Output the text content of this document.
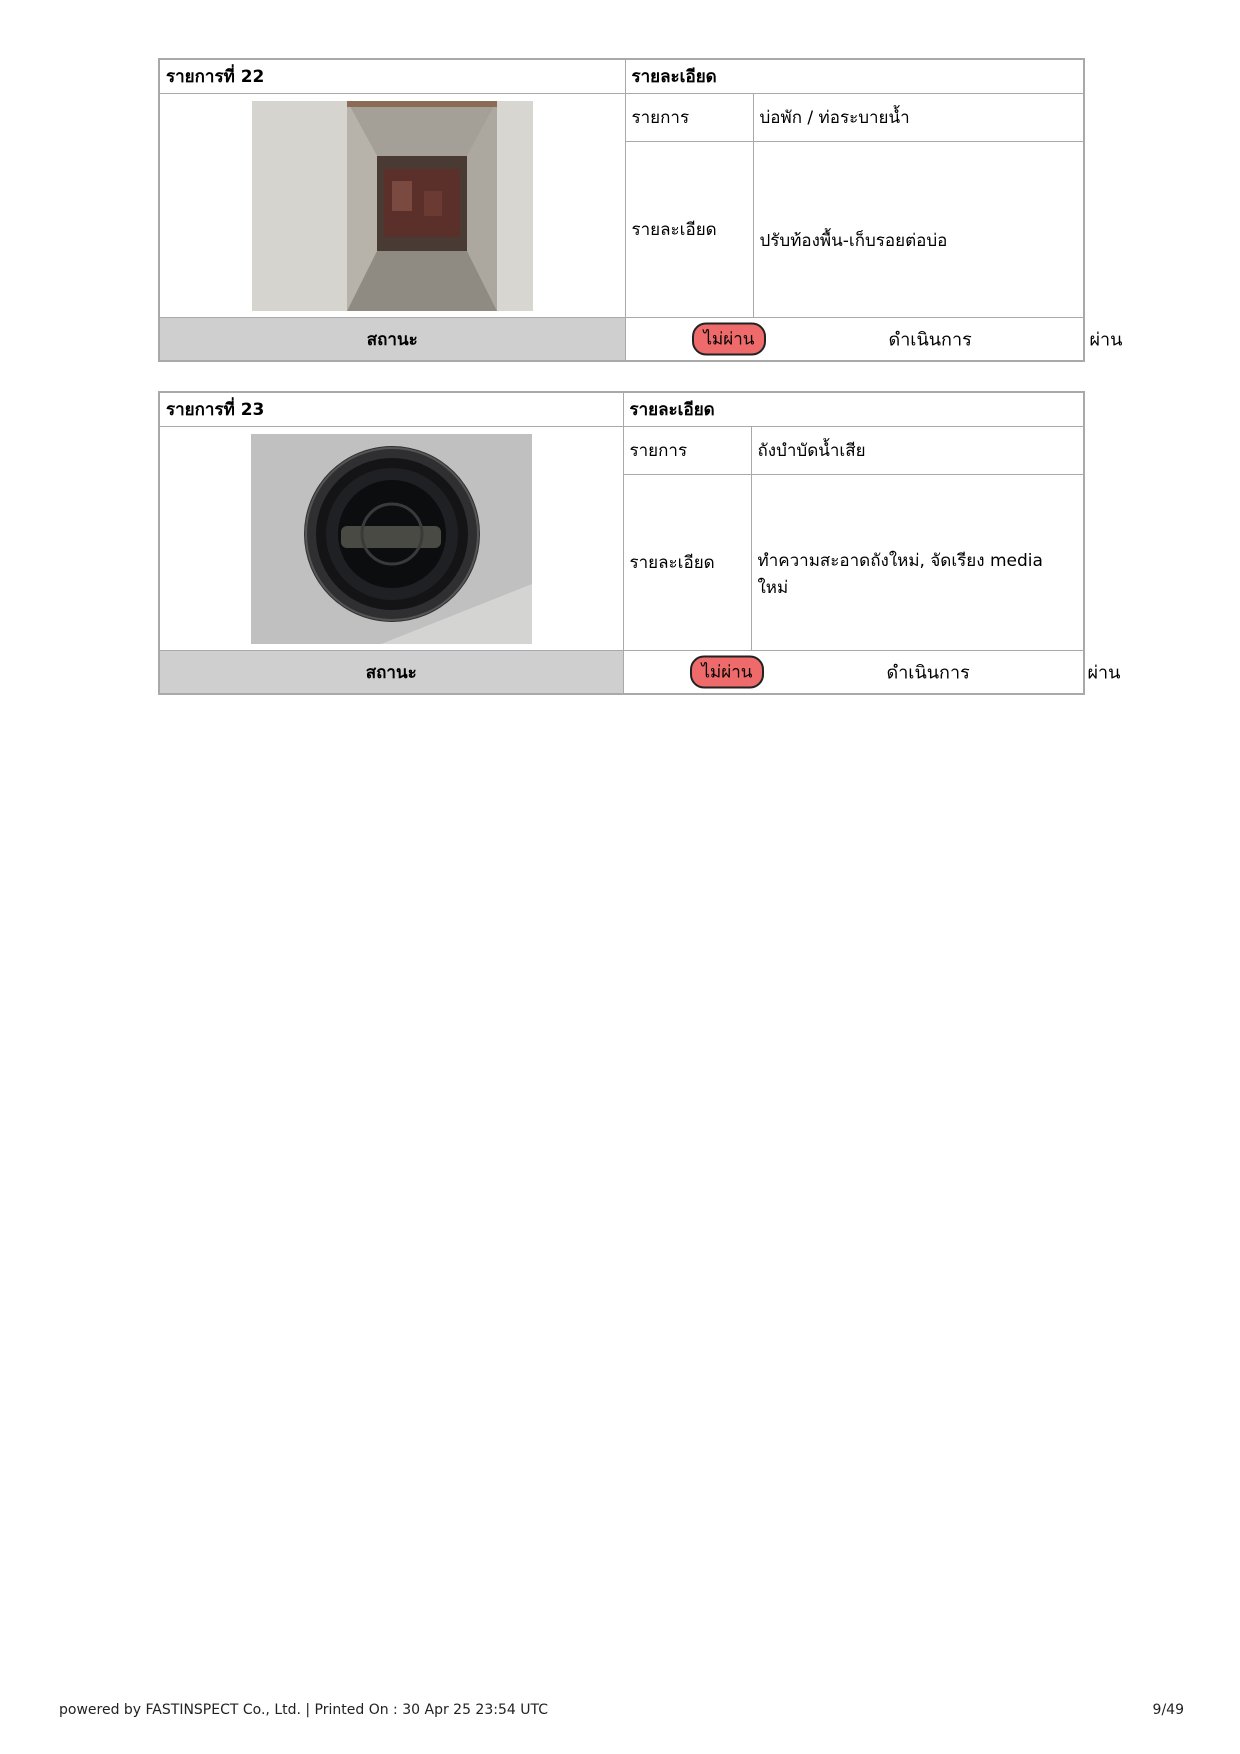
รายการที่ 22	รายละเอียด	

	รายการ	บ่อพัก / ท่อระบายน้ำ
	รายละเอียด	ปรับท้องพื้น-เก็บรอยต่อบ่อ
สถานะ	ไม่ผ่าน ดำเนินการ ผ่าน	
รายการที่ 23	รายละเอียด	

	รายการ	ถังบำบัดน้ำเสีย
	รายละเอียด	ทำความสะอาดถังใหม่, จัดเรียง media ใหม่
สถานะ	ไม่ผ่าน ดำเนินการ ผ่าน	
powered by FASTINSPECT Co., Ltd. | Printed On : 30 Apr 25 23:54 UTC	9/49
